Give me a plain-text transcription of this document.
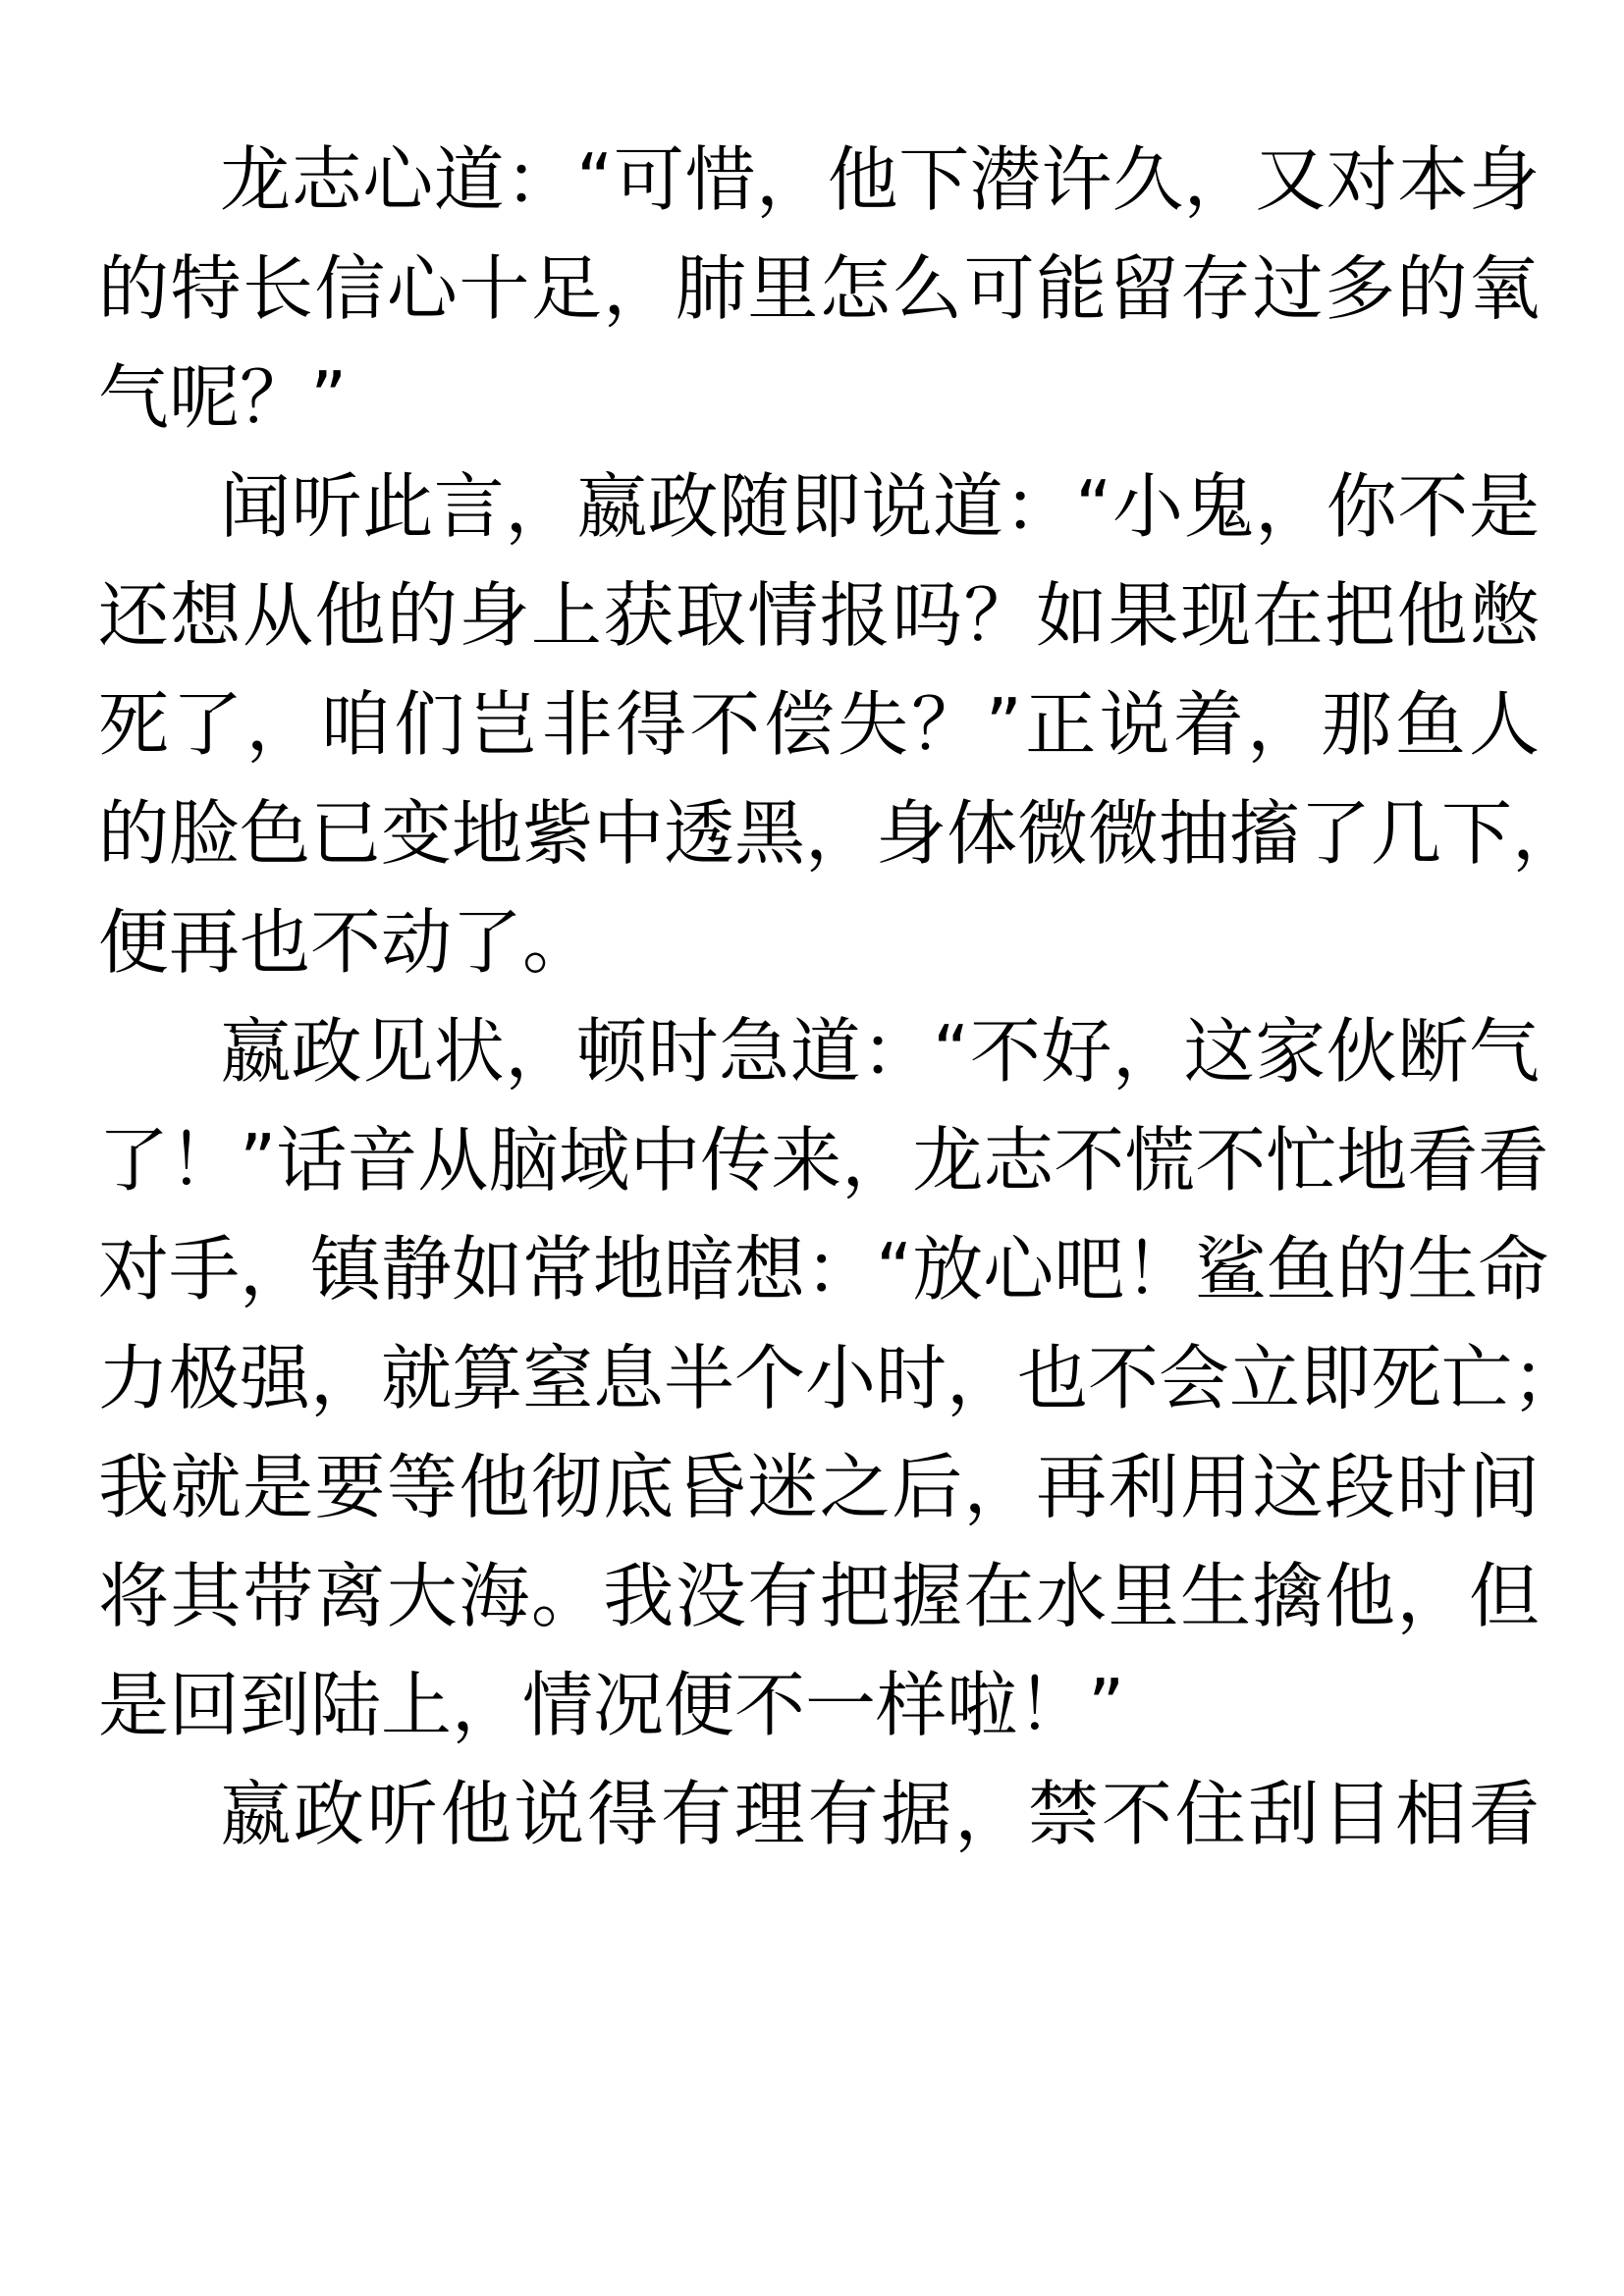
龙志心道：“可惜，他下潜许久，又对本身
的特长信心十足，肺里怎么可能留存过多的氧
气呢？”
闻听此言，嬴政随即说道：“小鬼，你不是
还想从他的身上获取情报吗？如果现在把他憋
死了，咱们岂非得不偿失？”正说着，那鱼人
的脸色已变地紫中透黑，身体微微抽搐了几下，
便再也不动了。
嬴政见状，顿时急道：“不好，这家伙断气
了！”话音从脑域中传来，龙志不慌不忙地看看
对手，镇静如常地暗想：“放心吧！鲨鱼的生命
力极强，就算窒息半个小时，也不会立即死亡；
我就是要等他彻底昏迷之后，再利用这段时间
将其带离大海。我没有把握在水里生擒他，但
是回到陆上，情况便不一样啦！”
嬴政听他说得有理有据，禁不住刮目相看
